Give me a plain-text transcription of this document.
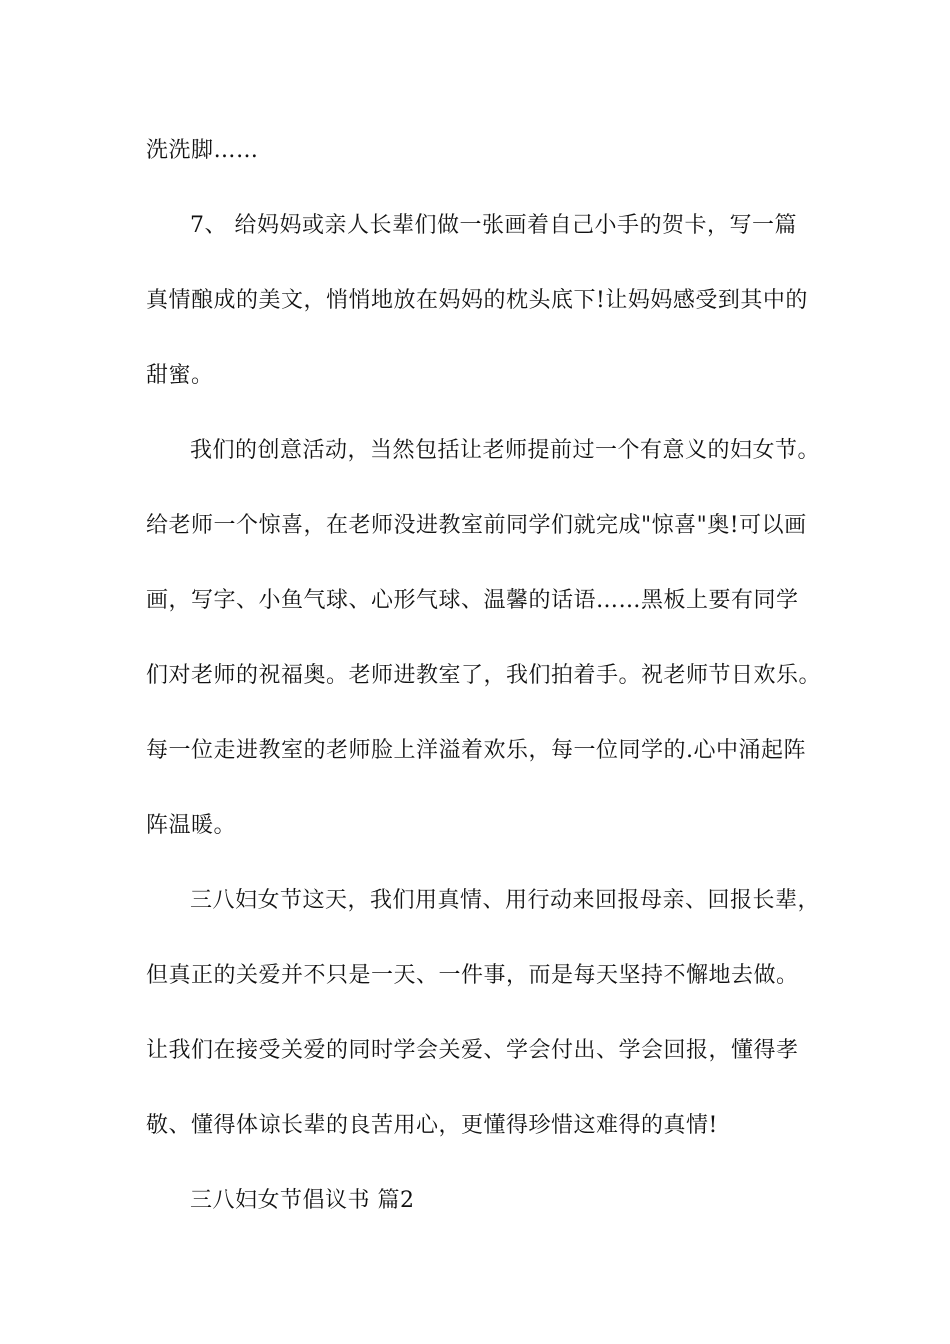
洗洗脚……

7、 给妈妈或亲人长辈们做一张画着自己小手的贺卡，写一篇

真情酿成的美文，悄悄地放在妈妈的枕头底下!让妈妈感受到其中的

甜蜜。

我们的创意活动，当然包括让老师提前过一个有意义的妇女节。

给老师一个惊喜，在老师没进教室前同学们就完成"惊喜"奥!可以画

画，写字、小鱼气球、心形气球、温馨的话语……黑板上要有同学

们对老师的祝福奥。老师进教室了，我们拍着手。祝老师节日欢乐。

每一位走进教室的老师脸上洋溢着欢乐，每一位同学的.心中涌起阵

阵温暖。

三八妇女节这天，我们用真情、用行动来回报母亲、回报长辈，

但真正的关爱并不只是一天、一件事，而是每天坚持不懈地去做。

让我们在接受关爱的同时学会关爱、学会付出、学会回报，懂得孝

敬、懂得体谅长辈的良苦用心，更懂得珍惜这难得的真情!

三八妇女节倡议书 篇2
